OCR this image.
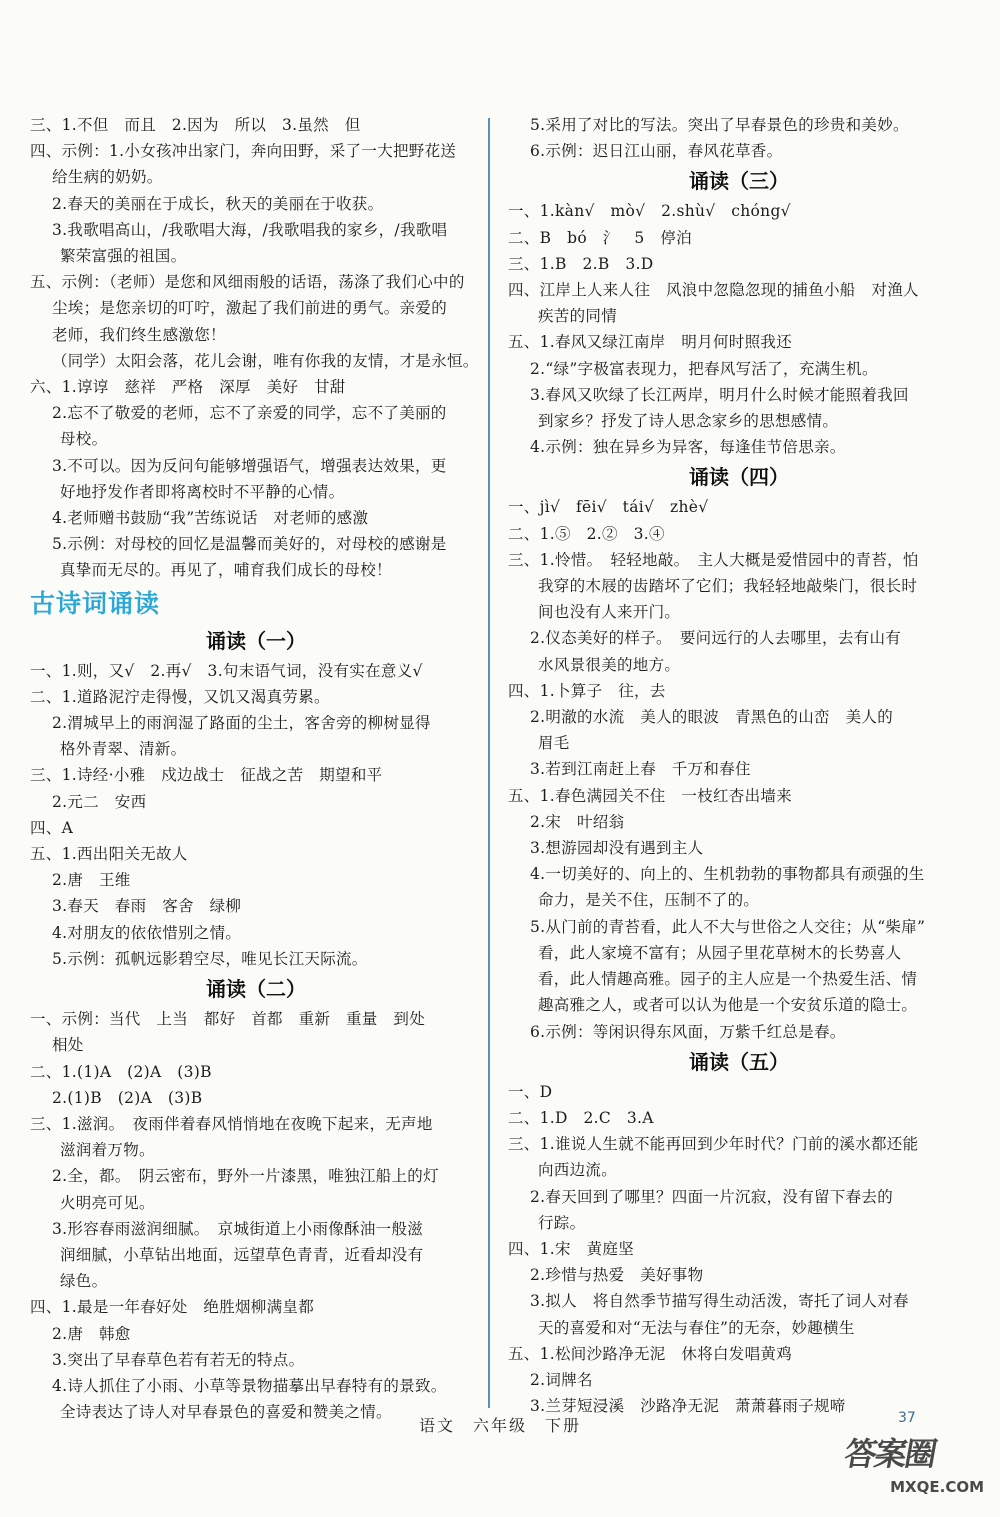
三、1.不但　而且　2.因为　所以　3.虽然　但
四、示例：1.小女孩冲出家门，奔向田野，采了一大把野花送
给生病的奶奶。
2.春天的美丽在于成长，秋天的美丽在于收获。
3.我歌唱高山，/我歌唱大海，/我歌唱我的家乡，/我歌唱
繁荣富强的祖国。
五、示例：（老师）是您和风细雨般的话语，荡涤了我们心中的
尘埃；是您亲切的叮咛，激起了我们前进的勇气。亲爱的
老师，我们终生感激您！
（同学）太阳会落，花儿会谢，唯有你我的友情，才是永恒。
六、1.谆谆　慈祥　严格　深厚　美好　甘甜
2.忘不了敬爱的老师，忘不了亲爱的同学，忘不了美丽的
母校。
3.不可以。因为反问句能够增强语气，增强表达效果，更
好地抒发作者即将离校时不平静的心情。
4.老师赠书鼓励“我”苦练说话　对老师的感激
5.示例：对母校的回忆是温馨而美好的，对母校的感谢是
真挚而无尽的。再见了，哺育我们成长的母校！
古诗词诵读
诵读（一）
一、1.则，又√　2.再√　3.句末语气词，没有实在意义√
二、1.道路泥泞走得慢，又饥又渴真劳累。
2.渭城早上的雨润湿了路面的尘土，客舍旁的柳树显得
格外青翠、清新。
三、1.诗经·小雅　戍边战士　征战之苦　期望和平
2.元二　安西
四、A
五、1.西出阳关无故人
2.唐　王维
3.春天　春雨　客舍　绿柳
4.对朋友的依依惜别之情。
5.示例：孤帆远影碧空尽，唯见长江天际流。
诵读（二）
一、示例：当代　上当　都好　首都　重新　重量　到处
相处
二、1.(1)A　(2)A　(3)B
2.(1)B　(2)A　(3)B
三、1.滋润。　夜雨伴着春风悄悄地在夜晚下起来，无声地
滋润着万物。
2.全，都。　阴云密布，野外一片漆黑，唯独江船上的灯
火明亮可见。
3.形容春雨滋润细腻。　京城街道上小雨像酥油一般滋
润细腻，小草钻出地面，远望草色青青，近看却没有
绿色。
四、1.最是一年春好处　绝胜烟柳满皇都
2.唐　韩愈
3.突出了早春草色若有若无的特点。
4.诗人抓住了小雨、小草等景物描摹出早春特有的景致。
全诗表达了诗人对早春景色的喜爱和赞美之情。
5.采用了对比的写法。突出了早春景色的珍贵和美妙。
6.示例：迟日江山丽，春风花草香。
诵读（三）
一、1.kàn√　mò√　2.shù√　chóng√
二、B　bó　氵　5　停泊
三、1.B　2.B　3.D
四、江岸上人来人往　风浪中忽隐忽现的捕鱼小船　对渔人
疾苦的同情
五、1.春风又绿江南岸　明月何时照我还
2.“绿”字极富表现力，把春风写活了，充满生机。
3.春风又吹绿了长江两岸，明月什么时候才能照着我回
到家乡？抒发了诗人思念家乡的思想感情。
4.示例：独在异乡为异客，每逢佳节倍思亲。
诵读（四）
一、jì√　fēi√　tái√　zhè√
二、1.⑤　2.②　3.④
三、1.怜惜。　轻轻地敲。　主人大概是爱惜园中的青苔，怕
我穿的木屐的齿踏坏了它们；我轻轻地敲柴门，很长时
间也没有人来开门。
2.仪态美好的样子。　要问远行的人去哪里，去有山有
水风景很美的地方。
四、1.卜算子　往，去
2.明澈的水流　美人的眼波　青黑色的山峦　美人的
眉毛
3.若到江南赶上春　千万和春住
五、1.春色满园关不住　一枝红杏出墙来
2.宋　叶绍翁
3.想游园却没有遇到主人
4.一切美好的、向上的、生机勃勃的事物都具有顽强的生
命力，是关不住，压制不了的。
5.从门前的青苔看，此人不大与世俗之人交往；从“柴扉”
看，此人家境不富有；从园子里花草树木的长势喜人
看，此人情趣高雅。园子的主人应是一个热爱生活、情
趣高雅之人，或者可以认为他是一个安贫乐道的隐士。
6.示例：等闲识得东风面，万紫千红总是春。
诵读（五）
一、D
二、1.D　2.C　3.A
三、1.谁说人生就不能再回到少年时代？门前的溪水都还能
向西边流。
2.春天回到了哪里？四面一片沉寂，没有留下春去的
行踪。
四、1.宋　黄庭坚
2.珍惜与热爱　美好事物
3.拟人　将自然季节描写得生动活泼，寄托了词人对春
天的喜爱和对“无法与春住”的无奈，妙趣横生
五、1.松间沙路净无泥　休将白发唱黄鸡
2.词牌名
3.兰芽短浸溪　沙路净无泥　萧萧暮雨子规啼
语文　六年级　下册	37
答案圈
MXQE.COM
